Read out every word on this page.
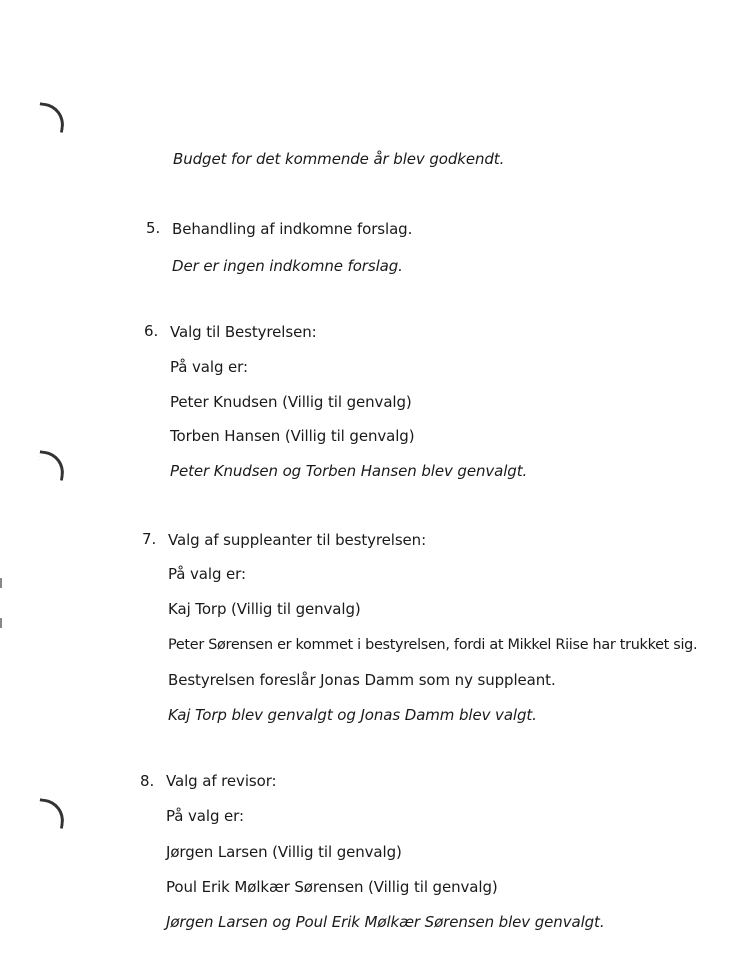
Budget for det kommende år blev godkendt.
5. Behandling af indkomne forslag.
Der er ingen indkomne forslag.
6. Valg til Bestyrelsen:
På valg er:
Peter Knudsen (Villig til genvalg)
Torben Hansen (Villig til genvalg)
Peter Knudsen og Torben Hansen blev genvalgt.
7. Valg af suppleanter til bestyrelsen:
På valg er:
Kaj Torp (Villig til genvalg)
Peter Sørensen er kommet i bestyrelsen, fordi at Mikkel Riise har trukket sig.
Bestyrelsen foreslår Jonas Damm som ny suppleant.
Kaj Torp blev genvalgt og Jonas Damm blev valgt.
8. Valg af revisor:
På valg er:
Jørgen Larsen (Villig til genvalg)
Poul Erik Mølkær Sørensen (Villig til genvalg)
Jørgen Larsen og Poul Erik Mølkær Sørensen blev genvalgt.
